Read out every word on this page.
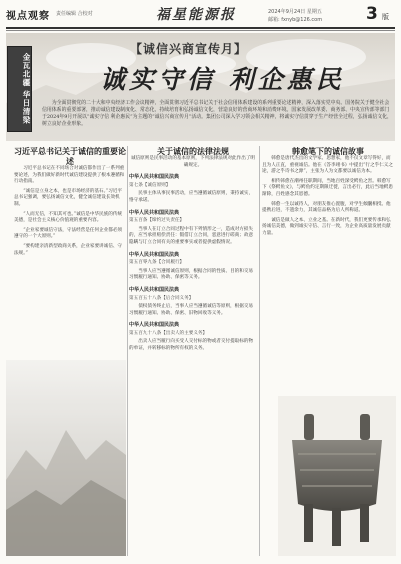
视点观察 责任编辑 合校对	福星能源报	2024年9月24日 星期五
邮箱: fxnyb@126.com	3 版
金瓦北疆 华日清梁
【诚信兴商宣传月】
诚实守信 利企惠民
为全面贯彻党的二十大和中央经济工作会议精神，全面贯彻习近平总书记关于社会信用体系建设的系列重要论述精神，深入落实党中央、国务院关于健全社会信用体系的重要部署，推动诚信建设制度化、常态化，持续培育和弘扬诚信文化，营造良好的营商环境和消费环境。国家发展改革委、商务部、中央宣传部等部门于2024年9月开展以“诚实守信 利企惠民”为主题的“诚信兴商宣传月”活动。集团公司深入学习领会相关精神，将诚实守信贯穿于生产经营全过程，弘扬诚信文化，树立良好企业形象。
习近平总书记关于诚信的重要论述

习近平总书记在不同场合对诚信都作出了一系列重要论述，为我们做好新时代诚信建设提供了根本遵循和行动指南。

“诚信是立身之本，也是市场经济的基石。”习近平总书记强调，要弘扬诚信文化，健全诚信建设长效机制。

“人而无信，不知其可也。”诚信是中华民族的传统美德，是社会主义核心价值观的重要内容。

“企业家要诚信守法，守法经营是任何企业都必须遵守的一个大原则。”

“要构建亲清新型政商关系，企业家要讲诚信、守法规。”

关于诚信的法律法规

诚信原则是民事活动的基本原则，下列法律法规对此作出了明确规定。

中华人民共和国民法典
第七条【诚信原则】

民事主体从事民事活动，应当遵循诚信原则，秉持诚实，恪守承诺。

中华人民共和国民法典
第五百条【缔约过失责任】

当事人在订立合同过程中有下列情形之一，造成对方损失的，应当承担赔偿责任：假借订立合同，恶意进行磋商；故意隐瞒与订立合同有关的重要事实或者提供虚假情况。

中华人民共和国民法典
第五百零九条【合同履行】

当事人应当遵循诚信原则，根据合同的性质、目的和交易习惯履行通知、协助、保密等义务。

中华人民共和国民法典
第五百五十八条【后合同义务】

债权债务终止后，当事人应当遵循诚信等原则，根据交易习惯履行通知、协助、保密、旧物回收等义务。

中华人民共和国民法典
第五百九十八条【出卖人的主要义务】

出卖人应当履行向买受人交付标的物或者交付提取标的物的单证，并转移标的物所有权的义务。

韩愈笔下的诚信故事

韩愈是唐代杰出的文学家、思想家，他不仅文章写得好，而且为人正直，重视诚信。他在《答李翊书》中提出“行之乎仁义之途，游之乎诗书之源”，主张为人为文都要以诚信为本。

相传韩愈在潮州任职期间，当地百姓深受鳄鱼之害。韩愈写下《祭鳄鱼文》，与鳄鱼约定期限迁徙，言出必行，此后当地鳄患渐除，百姓感念其恩德。

韩愈一生以诚待人，对朋友推心置腹，对学生倾囊相授。他提携后进，不遗余力，其诚信品格为后人所称道。

诚信是做人之本、立业之基。在新时代，我们更要传承和弘扬诚信美德，做到诚实守信、言行一致，为企业高质量发展贡献力量。
